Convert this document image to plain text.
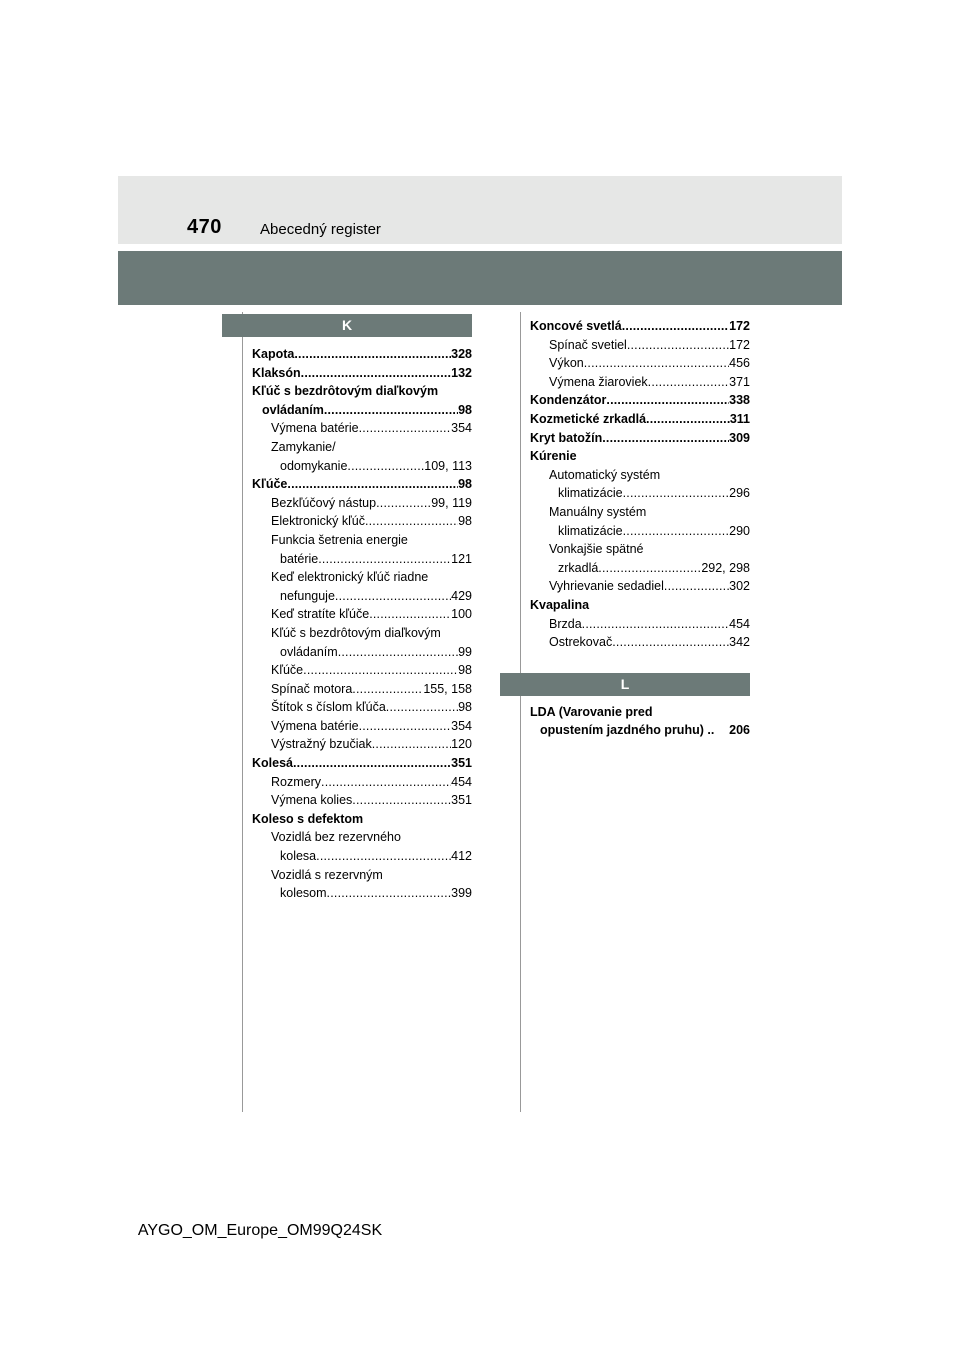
470	Abecedný register
K
Kapota .....	328
Klaksón .....	132
Kľúč s bezdrôtovým diaľkovým
ovládaním .....	98
Výmena batérie .....	354
Zamykanie/
odomykanie .....	109, 113
Kľúče .....	98
Bezkľúčový nástup .....	99, 119
Elektronický kľúč .....	98
Funkcia šetrenia energie
batérie .....	121
Keď elektronický kľúč riadne
nefunguje .....	429
Keď stratíte kľúče .....	100
Kľúč s bezdrôtovým diaľkovým
ovládaním .....	99
Kľúče .....	98
Spínač motora .....	155, 158
Štítok s číslom kľúča .....	98
Výmena batérie .....	354
Výstražný bzučiak .....	120
Kolesá .....	351
Rozmery .....	454
Výmena kolies .....	351
Koleso s defektom
Vozidlá bez rezervného
kolesa .....	412
Vozidlá s rezervným
kolesom .....	399
Koncové svetlá .....	172
Spínač svetiel .....	172
Výkon .....	456
Výmena žiaroviek .....	371
Kondenzátor .....	338
Kozmetické zrkadlá .....	311
Kryt batožín .....	309
Kúrenie
Automatický systém
klimatizácie .....	296
Manuálny systém
klimatizácie .....	290
Vonkajšie spätné
zrkadlá .....	292, 298
Vyhrievanie sedadiel .....	302
Kvapalina
Brzda .....	454
Ostrekovač .....	342
L
LDA (Varovanie pred
opustením jazdného pruhu) .. 206
AYGO_OM_Europe_OM99Q24SK
